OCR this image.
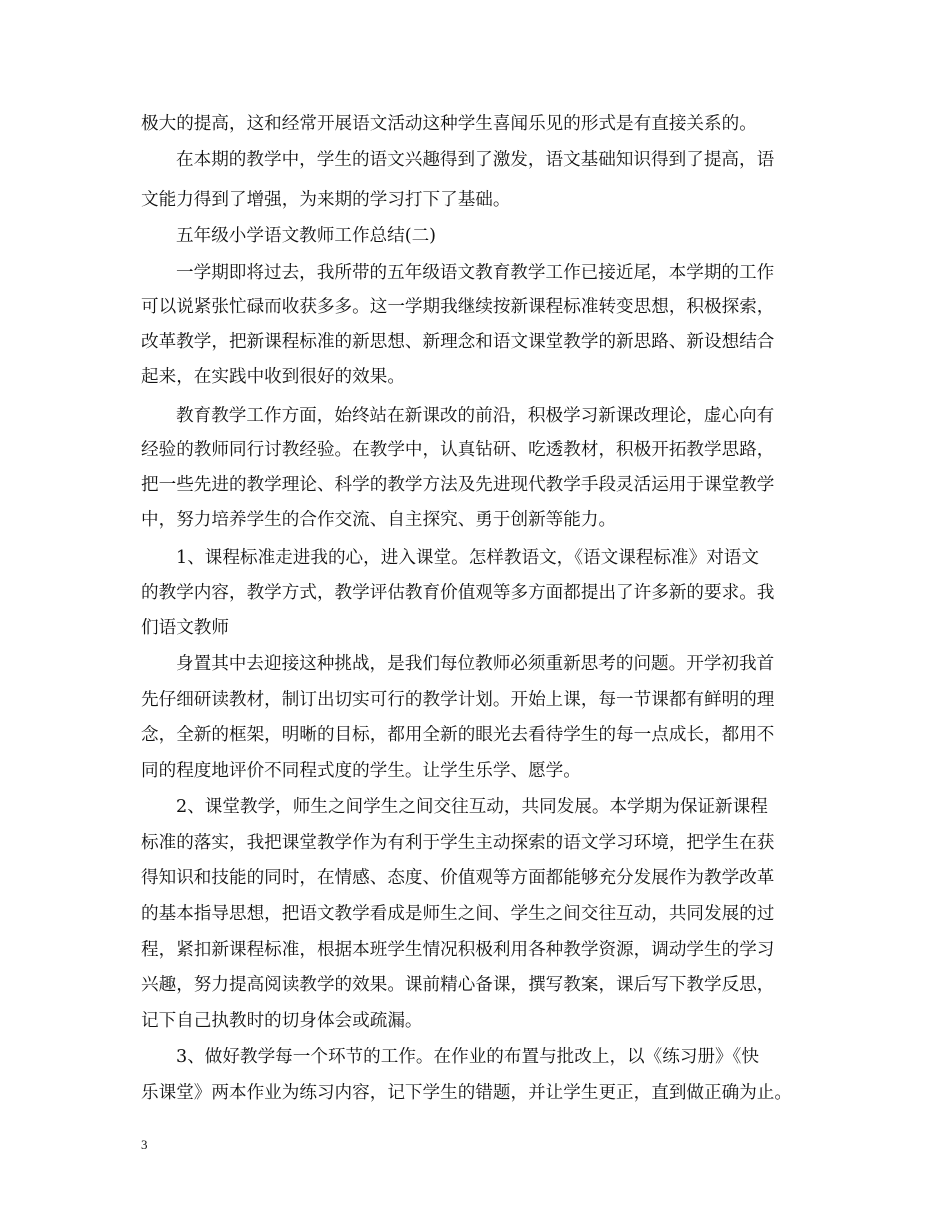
极大的提高，这和经常开展语文活动这种学生喜闻乐见的形式是有直接关系的。
在本期的教学中，学生的语文兴趣得到了激发，语文基础知识得到了提高，语
文能力得到了增强，为来期的学习打下了基础。
五年级小学语文教师工作总结(二)
一学期即将过去，我所带的五年级语文教育教学工作已接近尾，本学期的工作
可以说紧张忙碌而收获多多。这一学期我继续按新课程标准转变思想，积极探索，
改革教学，把新课程标准的新思想、新理念和语文课堂教学的新思路、新设想结合
起来，在实践中收到很好的效果。
教育教学工作方面，始终站在新课改的前沿，积极学习新课改理论，虚心向有
经验的教师同行讨教经验。在教学中，认真钻研、吃透教材，积极开拓教学思路，
把一些先进的教学理论、科学的教学方法及先进现代教学手段灵活运用于课堂教学
中，努力培养学生的合作交流、自主探究、勇于创新等能力。
1、课程标准走进我的心，进入课堂。怎样教语文，《语文课程标准》对语文
的教学内容，教学方式，教学评估教育价值观等多方面都提出了许多新的要求。我
们语文教师
身置其中去迎接这种挑战，是我们每位教师必须重新思考的问题。开学初我首
先仔细研读教材，制订出切实可行的教学计划。开始上课，每一节课都有鲜明的理
念，全新的框架，明晰的目标，都用全新的眼光去看待学生的每一点成长，都用不
同的程度地评价不同程式度的学生。让学生乐学、愿学。
2、课堂教学，师生之间学生之间交往互动，共同发展。本学期为保证新课程
标准的落实，我把课堂教学作为有利于学生主动探索的语文学习环境，把学生在获
得知识和技能的同时，在情感、态度、价值观等方面都能够充分发展作为教学改革
的基本指导思想，把语文教学看成是师生之间、学生之间交往互动，共同发展的过
程，紧扣新课程标准，根据本班学生情况积极利用各种教学资源，调动学生的学习
兴趣，努力提高阅读教学的效果。课前精心备课，撰写教案，课后写下教学反思，
记下自己执教时的切身体会或疏漏。
3、做好教学每一个环节的工作。在作业的布置与批改上，以《练习册》《快
乐课堂》两本作业为练习内容，记下学生的错题，并让学生更正，直到做正确为止。
3
